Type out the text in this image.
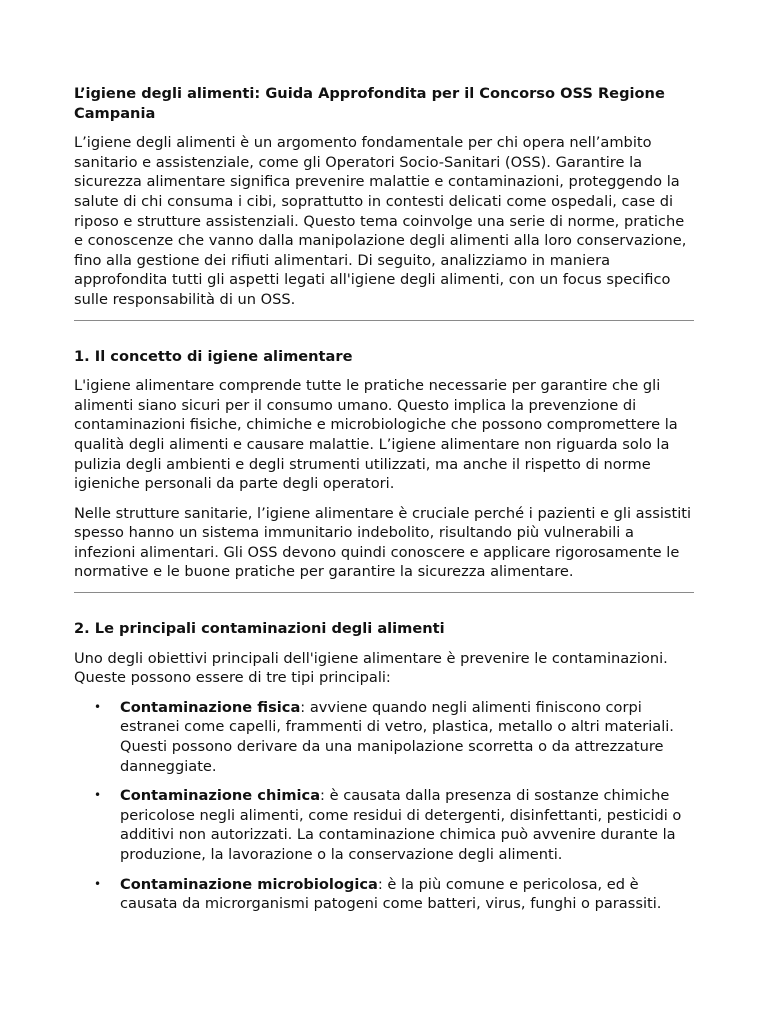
L’igiene degli alimenti: Guida Approfondita per il Concorso OSS Regione Campania

L’igiene degli alimenti è un argomento fondamentale per chi opera nell’ambito sanitario e assistenziale, come gli Operatori Socio-Sanitari (OSS). Garantire la sicurezza alimentare significa prevenire malattie e contaminazioni, proteggendo la salute di chi consuma i cibi, soprattutto in contesti delicati come ospedali, case di riposo e strutture assistenziali. Questo tema coinvolge una serie di norme, pratiche e conoscenze che vanno dalla manipolazione degli alimenti alla loro conservazione, fino alla gestione dei rifiuti alimentari. Di seguito, analizziamo in maniera approfondita tutti gli aspetti legati all'igiene degli alimenti, con un focus specifico sulle responsabilità di un OSS.

1. Il concetto di igiene alimentare

L'igiene alimentare comprende tutte le pratiche necessarie per garantire che gli alimenti siano sicuri per il consumo umano. Questo implica la prevenzione di contaminazioni fisiche, chimiche e microbiologiche che possono compromettere la qualità degli alimenti e causare malattie. L’igiene alimentare non riguarda solo la pulizia degli ambienti e degli strumenti utilizzati, ma anche il rispetto di norme igieniche personali da parte degli operatori.

Nelle strutture sanitarie, l’igiene alimentare è cruciale perché i pazienti e gli assistiti spesso hanno un sistema immunitario indebolito, risultando più vulnerabili a infezioni alimentari. Gli OSS devono quindi conoscere e applicare rigorosamente le normative e le buone pratiche per garantire la sicurezza alimentare.

2. Le principali contaminazioni degli alimenti

Uno degli obiettivi principali dell'igiene alimentare è prevenire le contaminazioni. Queste possono essere di tre tipi principali:

• Contaminazione fisica: avviene quando negli alimenti finiscono corpi estranei come capelli, frammenti di vetro, plastica, metallo o altri materiali. Questi possono derivare da una manipolazione scorretta o da attrezzature danneggiate.
• Contaminazione chimica: è causata dalla presenza di sostanze chimiche pericolose negli alimenti, come residui di detergenti, disinfettanti, pesticidi o additivi non autorizzati. La contaminazione chimica può avvenire durante la produzione, la lavorazione o la conservazione degli alimenti.
• Contaminazione microbiologica: è la più comune e pericolosa, ed è causata da microrganismi patogeni come batteri, virus, funghi o parassiti.
